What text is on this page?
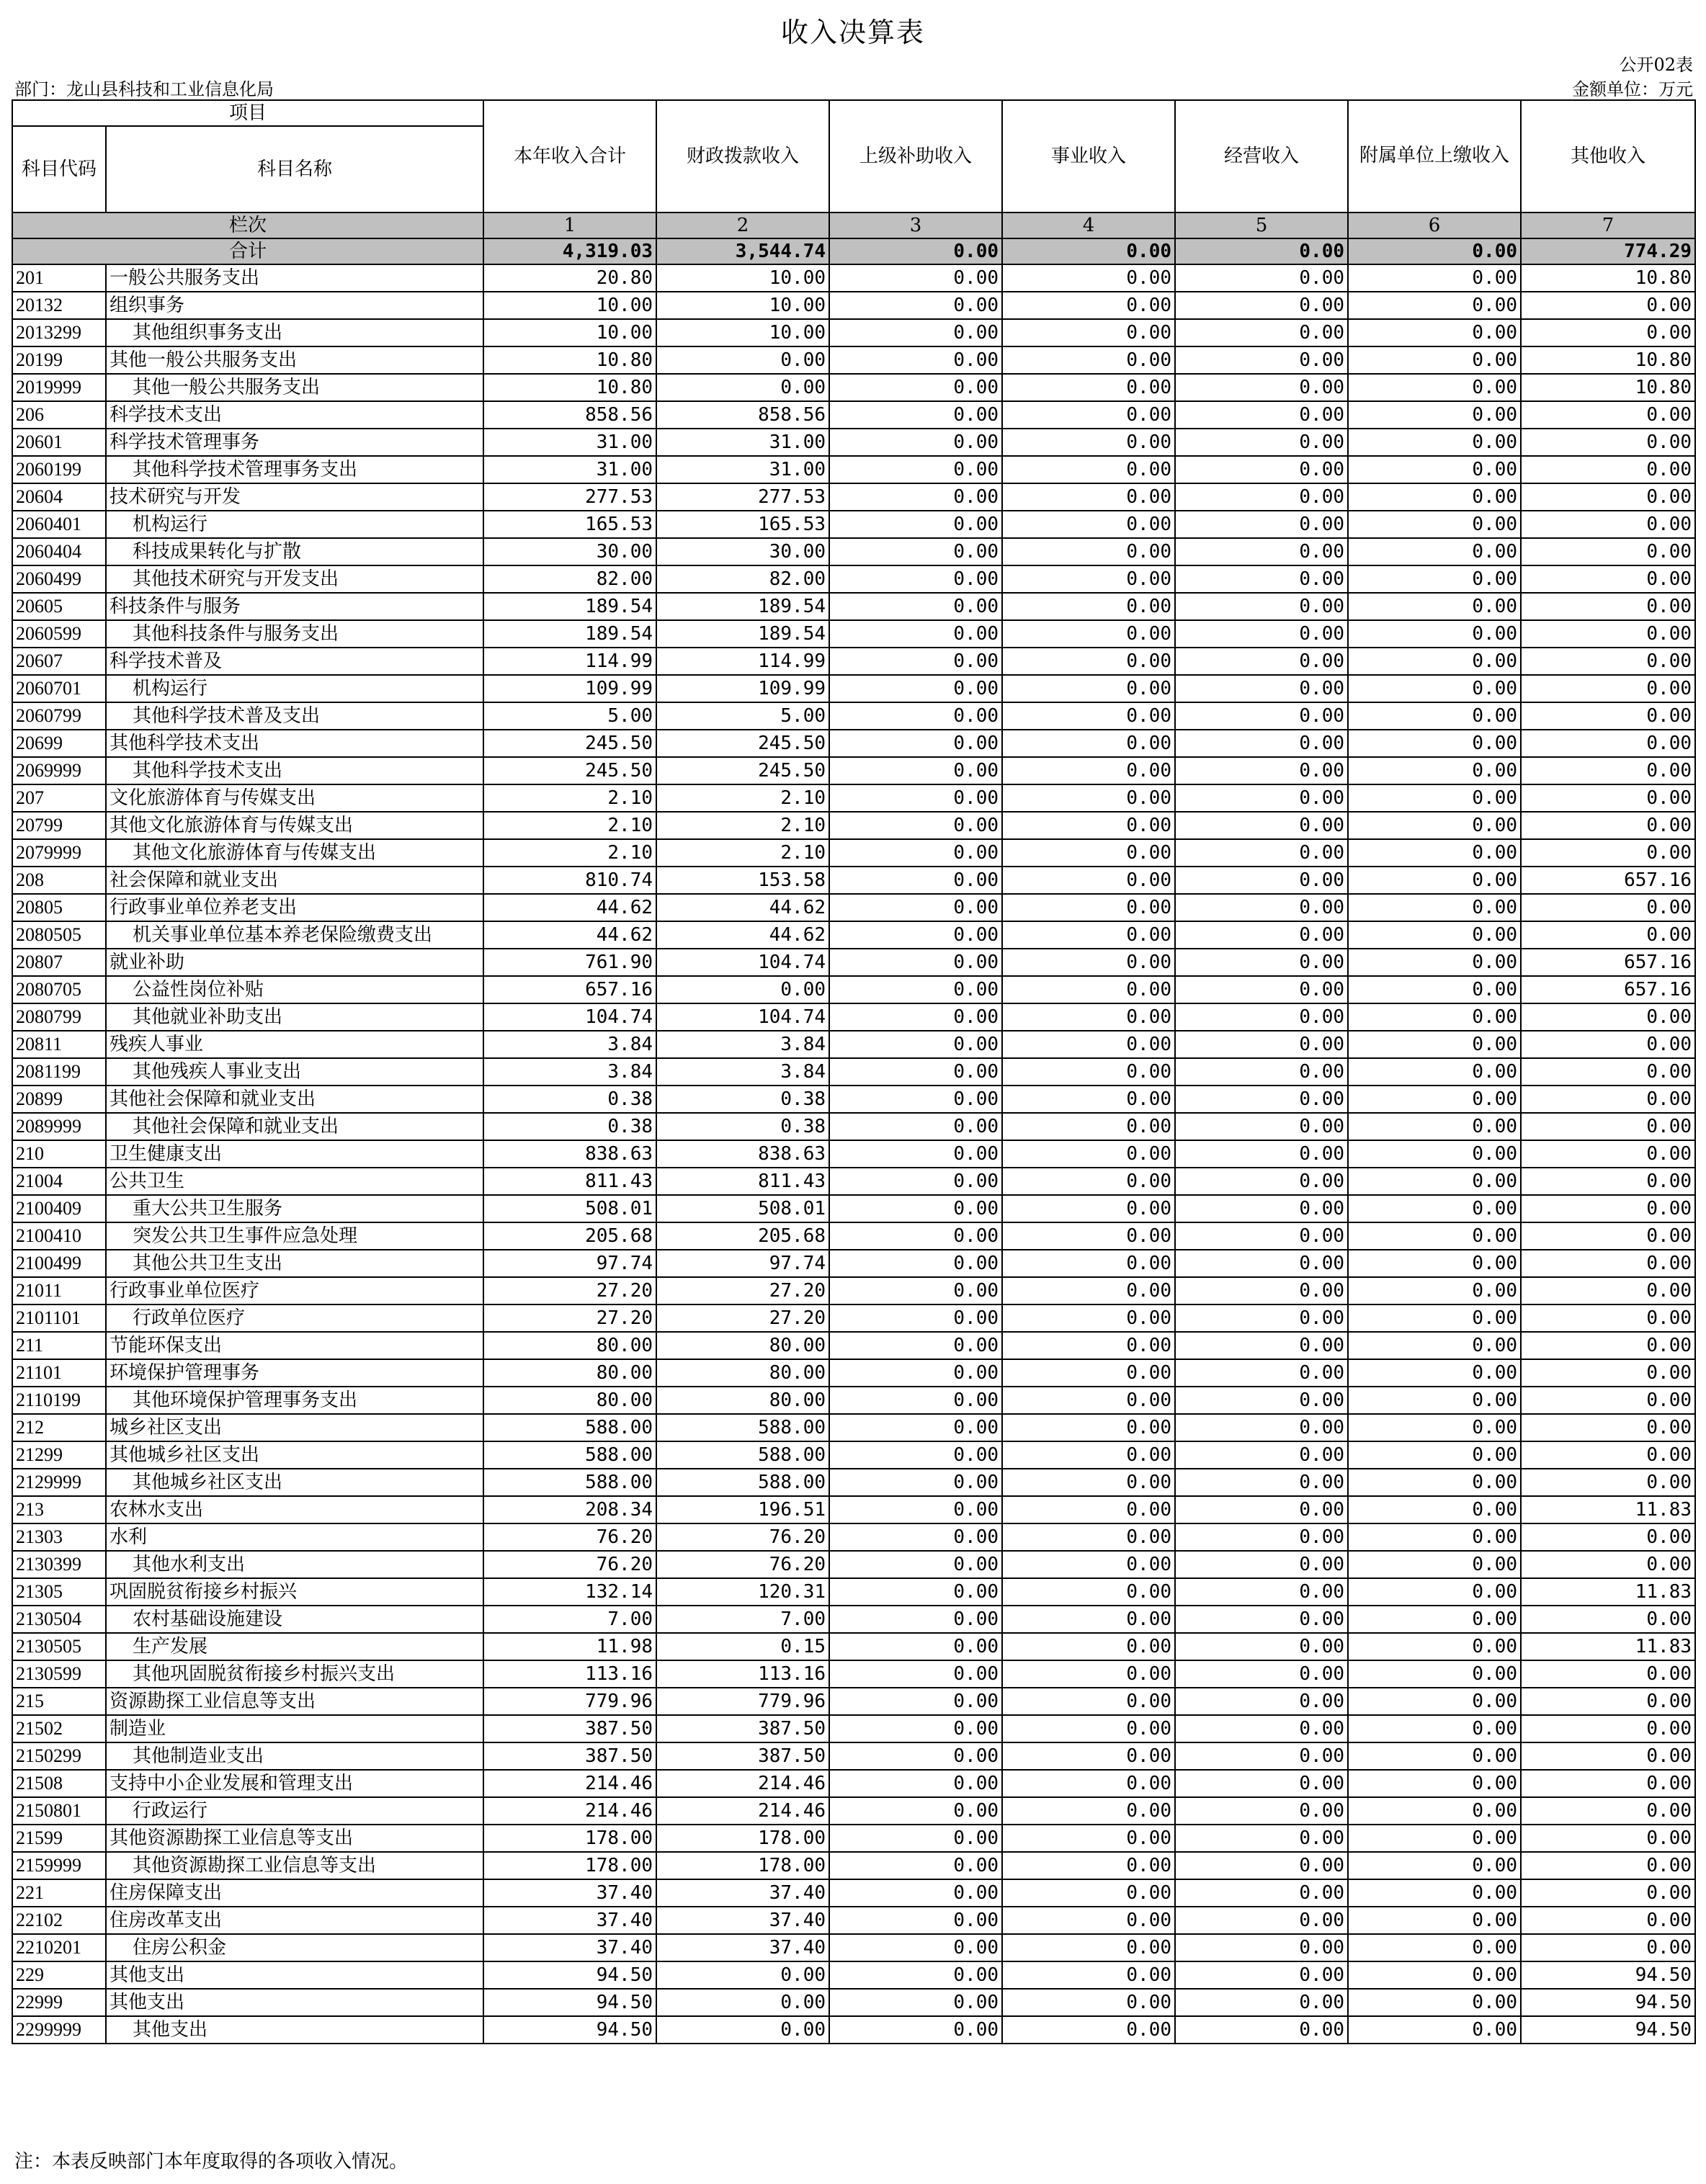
收入决算表
公开02表
部门：龙山县科技和工业信息化局	金额单位：万元
项目		本年收入合计	财政拨款收入	上级补助收入	事业收入	经营收入	附属单位上缴收入	其他收入
科目代码	科目名称							
栏次		1	2	3	4	5	6	7
合计		4,319.03	3,544.74	0.00	0.00	0.00	0.00	774.29
201	一般公共服务支出	20.80	10.00	0.00	0.00	0.00	0.00	10.80
20132	组织事务	10.00	10.00	0.00	0.00	0.00	0.00	0.00
2013299	其他组织事务支出	10.00	10.00	0.00	0.00	0.00	0.00	0.00
20199	其他一般公共服务支出	10.80	0.00	0.00	0.00	0.00	0.00	10.80
2019999	其他一般公共服务支出	10.80	0.00	0.00	0.00	0.00	0.00	10.80
206	科学技术支出	858.56	858.56	0.00	0.00	0.00	0.00	0.00
20601	科学技术管理事务	31.00	31.00	0.00	0.00	0.00	0.00	0.00
2060199	其他科学技术管理事务支出	31.00	31.00	0.00	0.00	0.00	0.00	0.00
20604	技术研究与开发	277.53	277.53	0.00	0.00	0.00	0.00	0.00
2060401	机构运行	165.53	165.53	0.00	0.00	0.00	0.00	0.00
2060404	科技成果转化与扩散	30.00	30.00	0.00	0.00	0.00	0.00	0.00
2060499	其他技术研究与开发支出	82.00	82.00	0.00	0.00	0.00	0.00	0.00
20605	科技条件与服务	189.54	189.54	0.00	0.00	0.00	0.00	0.00
2060599	其他科技条件与服务支出	189.54	189.54	0.00	0.00	0.00	0.00	0.00
20607	科学技术普及	114.99	114.99	0.00	0.00	0.00	0.00	0.00
2060701	机构运行	109.99	109.99	0.00	0.00	0.00	0.00	0.00
2060799	其他科学技术普及支出	5.00	5.00	0.00	0.00	0.00	0.00	0.00
20699	其他科学技术支出	245.50	245.50	0.00	0.00	0.00	0.00	0.00
2069999	其他科学技术支出	245.50	245.50	0.00	0.00	0.00	0.00	0.00
207	文化旅游体育与传媒支出	2.10	2.10	0.00	0.00	0.00	0.00	0.00
20799	其他文化旅游体育与传媒支出	2.10	2.10	0.00	0.00	0.00	0.00	0.00
2079999	其他文化旅游体育与传媒支出	2.10	2.10	0.00	0.00	0.00	0.00	0.00
208	社会保障和就业支出	810.74	153.58	0.00	0.00	0.00	0.00	657.16
20805	行政事业单位养老支出	44.62	44.62	0.00	0.00	0.00	0.00	0.00
2080505	机关事业单位基本养老保险缴费支出	44.62	44.62	0.00	0.00	0.00	0.00	0.00
20807	就业补助	761.90	104.74	0.00	0.00	0.00	0.00	657.16
2080705	公益性岗位补贴	657.16	0.00	0.00	0.00	0.00	0.00	657.16
2080799	其他就业补助支出	104.74	104.74	0.00	0.00	0.00	0.00	0.00
20811	残疾人事业	3.84	3.84	0.00	0.00	0.00	0.00	0.00
2081199	其他残疾人事业支出	3.84	3.84	0.00	0.00	0.00	0.00	0.00
20899	其他社会保障和就业支出	0.38	0.38	0.00	0.00	0.00	0.00	0.00
2089999	其他社会保障和就业支出	0.38	0.38	0.00	0.00	0.00	0.00	0.00
210	卫生健康支出	838.63	838.63	0.00	0.00	0.00	0.00	0.00
21004	公共卫生	811.43	811.43	0.00	0.00	0.00	0.00	0.00
2100409	重大公共卫生服务	508.01	508.01	0.00	0.00	0.00	0.00	0.00
2100410	突发公共卫生事件应急处理	205.68	205.68	0.00	0.00	0.00	0.00	0.00
2100499	其他公共卫生支出	97.74	97.74	0.00	0.00	0.00	0.00	0.00
21011	行政事业单位医疗	27.20	27.20	0.00	0.00	0.00	0.00	0.00
2101101	行政单位医疗	27.20	27.20	0.00	0.00	0.00	0.00	0.00
211	节能环保支出	80.00	80.00	0.00	0.00	0.00	0.00	0.00
21101	环境保护管理事务	80.00	80.00	0.00	0.00	0.00	0.00	0.00
2110199	其他环境保护管理事务支出	80.00	80.00	0.00	0.00	0.00	0.00	0.00
212	城乡社区支出	588.00	588.00	0.00	0.00	0.00	0.00	0.00
21299	其他城乡社区支出	588.00	588.00	0.00	0.00	0.00	0.00	0.00
2129999	其他城乡社区支出	588.00	588.00	0.00	0.00	0.00	0.00	0.00
213	农林水支出	208.34	196.51	0.00	0.00	0.00	0.00	11.83
21303	水利	76.20	76.20	0.00	0.00	0.00	0.00	0.00
2130399	其他水利支出	76.20	76.20	0.00	0.00	0.00	0.00	0.00
21305	巩固脱贫衔接乡村振兴	132.14	120.31	0.00	0.00	0.00	0.00	11.83
2130504	农村基础设施建设	7.00	7.00	0.00	0.00	0.00	0.00	0.00
2130505	生产发展	11.98	0.15	0.00	0.00	0.00	0.00	11.83
2130599	其他巩固脱贫衔接乡村振兴支出	113.16	113.16	0.00	0.00	0.00	0.00	0.00
215	资源勘探工业信息等支出	779.96	779.96	0.00	0.00	0.00	0.00	0.00
21502	制造业	387.50	387.50	0.00	0.00	0.00	0.00	0.00
2150299	其他制造业支出	387.50	387.50	0.00	0.00	0.00	0.00	0.00
21508	支持中小企业发展和管理支出	214.46	214.46	0.00	0.00	0.00	0.00	0.00
2150801	行政运行	214.46	214.46	0.00	0.00	0.00	0.00	0.00
21599	其他资源勘探工业信息等支出	178.00	178.00	0.00	0.00	0.00	0.00	0.00
2159999	其他资源勘探工业信息等支出	178.00	178.00	0.00	0.00	0.00	0.00	0.00
221	住房保障支出	37.40	37.40	0.00	0.00	0.00	0.00	0.00
22102	住房改革支出	37.40	37.40	0.00	0.00	0.00	0.00	0.00
2210201	住房公积金	37.40	37.40	0.00	0.00	0.00	0.00	0.00
229	其他支出	94.50	0.00	0.00	0.00	0.00	0.00	94.50
22999	其他支出	94.50	0.00	0.00	0.00	0.00	0.00	94.50
2299999	其他支出	94.50	0.00	0.00	0.00	0.00	0.00	94.50
注：本表反映部门本年度取得的各项收入情况。
